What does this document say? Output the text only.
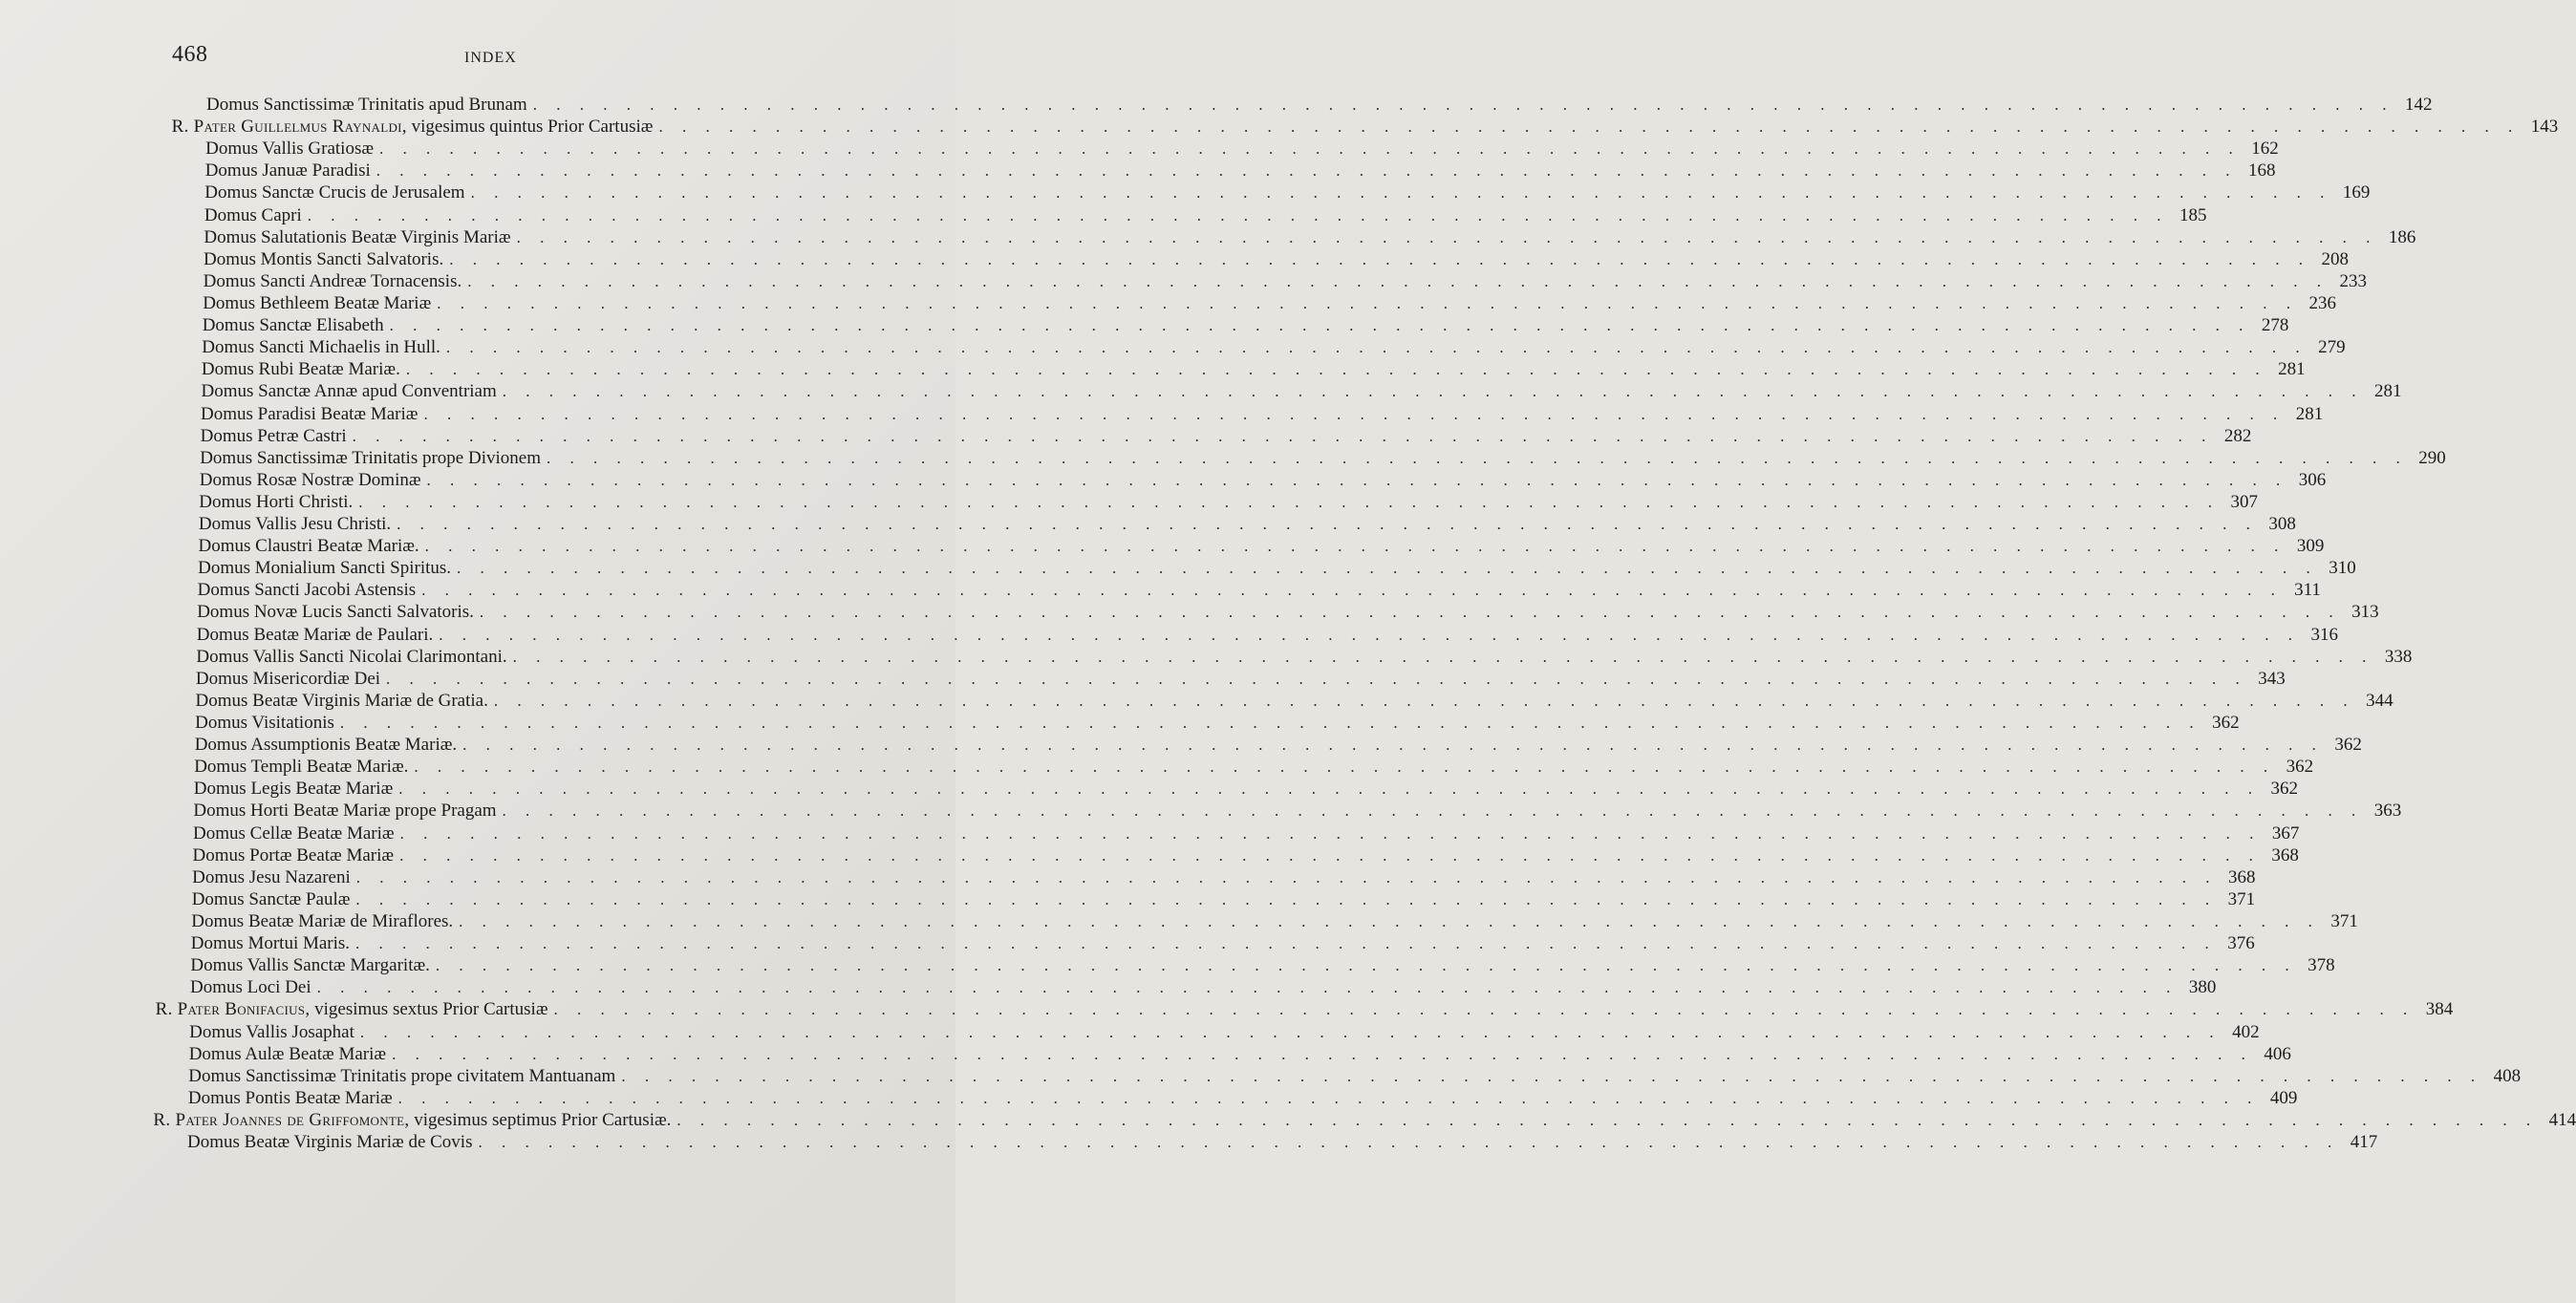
468	INDEX
Domus Sanctissimæ Trinitatis apud Brunam . . . . . . . . . . . . . . . . . . . . . . . . . . . . . . . . . . . . . . . . . . . . . . . . . . . . . . . . . . . . . . . . . . . . . . . . . . . . . . . . 142
R. Pater Guillelmus Raynaldi, vigesimus quintus Prior Cartusiæ . . . . . . . . . . . . . . . . . . . . . . . . . . . . . . . . . . . . . . . . . . . . . . . . . . . . . . . . . . . . . . . . . . . . . . . . . . . . . . . . 143
Domus Vallis Gratiosæ . . . . . . . . . . . . . . . . . . . . . . . . . . . . . . . . . . . . . . . . . . . . . . . . . . . . . . . . . . . . . . . . . . . . . . . . . . . . . . . . 162
Domus Januæ Paradisi . . . . . . . . . . . . . . . . . . . . . . . . . . . . . . . . . . . . . . . . . . . . . . . . . . . . . . . . . . . . . . . . . . . . . . . . . . . . . . . . 168
Domus Sanctæ Crucis de Jerusalem . . . . . . . . . . . . . . . . . . . . . . . . . . . . . . . . . . . . . . . . . . . . . . . . . . . . . . . . . . . . . . . . . . . . . . . . . . . . . . . . 169
Domus Capri . . . . . . . . . . . . . . . . . . . . . . . . . . . . . . . . . . . . . . . . . . . . . . . . . . . . . . . . . . . . . . . . . . . . . . . . . . . . . . . . 185
Domus Salutationis Beatæ Virginis Mariæ . . . . . . . . . . . . . . . . . . . . . . . . . . . . . . . . . . . . . . . . . . . . . . . . . . . . . . . . . . . . . . . . . . . . . . . . . . . . . . . . 186
Domus Montis Sancti Salvatoris. . . . . . . . . . . . . . . . . . . . . . . . . . . . . . . . . . . . . . . . . . . . . . . . . . . . . . . . . . . . . . . . . . . . . . . . . . . . . . . . . 208
Domus Sancti Andreæ Tornacensis. . . . . . . . . . . . . . . . . . . . . . . . . . . . . . . . . . . . . . . . . . . . . . . . . . . . . . . . . . . . . . . . . . . . . . . . . . . . . . . . . 233
Domus Bethleem Beatæ Mariæ . . . . . . . . . . . . . . . . . . . . . . . . . . . . . . . . . . . . . . . . . . . . . . . . . . . . . . . . . . . . . . . . . . . . . . . . . . . . . . . . 236
Domus Sanctæ Elisabeth . . . . . . . . . . . . . . . . . . . . . . . . . . . . . . . . . . . . . . . . . . . . . . . . . . . . . . . . . . . . . . . . . . . . . . . . . . . . . . . . 278
Domus Sancti Michaelis in Hull. . . . . . . . . . . . . . . . . . . . . . . . . . . . . . . . . . . . . . . . . . . . . . . . . . . . . . . . . . . . . . . . . . . . . . . . . . . . . . . . . 279
Domus Rubi Beatæ Mariæ. . . . . . . . . . . . . . . . . . . . . . . . . . . . . . . . . . . . . . . . . . . . . . . . . . . . . . . . . . . . . . . . . . . . . . . . . . . . . . . . . 281
Domus Sanctæ Annæ apud Conventriam . . . . . . . . . . . . . . . . . . . . . . . . . . . . . . . . . . . . . . . . . . . . . . . . . . . . . . . . . . . . . . . . . . . . . . . . . . . . . . . . 281
Domus Paradisi Beatæ Mariæ . . . . . . . . . . . . . . . . . . . . . . . . . . . . . . . . . . . . . . . . . . . . . . . . . . . . . . . . . . . . . . . . . . . . . . . . . . . . . . . . 281
Domus Petræ Castri . . . . . . . . . . . . . . . . . . . . . . . . . . . . . . . . . . . . . . . . . . . . . . . . . . . . . . . . . . . . . . . . . . . . . . . . . . . . . . . . 282
Domus Sanctissimæ Trinitatis prope Divionem . . . . . . . . . . . . . . . . . . . . . . . . . . . . . . . . . . . . . . . . . . . . . . . . . . . . . . . . . . . . . . . . . . . . . . . . . . . . . . . . 290
Domus Rosæ Nostræ Dominæ . . . . . . . . . . . . . . . . . . . . . . . . . . . . . . . . . . . . . . . . . . . . . . . . . . . . . . . . . . . . . . . . . . . . . . . . . . . . . . . . 306
Domus Horti Christi. . . . . . . . . . . . . . . . . . . . . . . . . . . . . . . . . . . . . . . . . . . . . . . . . . . . . . . . . . . . . . . . . . . . . . . . . . . . . . . . . 307
Domus Vallis Jesu Christi. . . . . . . . . . . . . . . . . . . . . . . . . . . . . . . . . . . . . . . . . . . . . . . . . . . . . . . . . . . . . . . . . . . . . . . . . . . . . . . . . 308
Domus Claustri Beatæ Mariæ. . . . . . . . . . . . . . . . . . . . . . . . . . . . . . . . . . . . . . . . . . . . . . . . . . . . . . . . . . . . . . . . . . . . . . . . . . . . . . . . . 309
Domus Monialium Sancti Spiritus. . . . . . . . . . . . . . . . . . . . . . . . . . . . . . . . . . . . . . . . . . . . . . . . . . . . . . . . . . . . . . . . . . . . . . . . . . . . . . . . . 310
Domus Sancti Jacobi Astensis . . . . . . . . . . . . . . . . . . . . . . . . . . . . . . . . . . . . . . . . . . . . . . . . . . . . . . . . . . . . . . . . . . . . . . . . . . . . . . . . 311
Domus Novæ Lucis Sancti Salvatoris. . . . . . . . . . . . . . . . . . . . . . . . . . . . . . . . . . . . . . . . . . . . . . . . . . . . . . . . . . . . . . . . . . . . . . . . . . . . . . . . . 313
Domus Beatæ Mariæ de Paulari. . . . . . . . . . . . . . . . . . . . . . . . . . . . . . . . . . . . . . . . . . . . . . . . . . . . . . . . . . . . . . . . . . . . . . . . . . . . . . . . . 316
Domus Vallis Sancti Nicolai Clarimontani. . . . . . . . . . . . . . . . . . . . . . . . . . . . . . . . . . . . . . . . . . . . . . . . . . . . . . . . . . . . . . . . . . . . . . . . . . . . . . . . . 338
Domus Misericordiæ Dei . . . . . . . . . . . . . . . . . . . . . . . . . . . . . . . . . . . . . . . . . . . . . . . . . . . . . . . . . . . . . . . . . . . . . . . . . . . . . . . . 343
Domus Beatæ Virginis Mariæ de Gratia. . . . . . . . . . . . . . . . . . . . . . . . . . . . . . . . . . . . . . . . . . . . . . . . . . . . . . . . . . . . . . . . . . . . . . . . . . . . . . . . . 344
Domus Visitationis . . . . . . . . . . . . . . . . . . . . . . . . . . . . . . . . . . . . . . . . . . . . . . . . . . . . . . . . . . . . . . . . . . . . . . . . . . . . . . . . 362
Domus Assumptionis Beatæ Mariæ. . . . . . . . . . . . . . . . . . . . . . . . . . . . . . . . . . . . . . . . . . . . . . . . . . . . . . . . . . . . . . . . . . . . . . . . . . . . . . . . . 362
Domus Templi Beatæ Mariæ. . . . . . . . . . . . . . . . . . . . . . . . . . . . . . . . . . . . . . . . . . . . . . . . . . . . . . . . . . . . . . . . . . . . . . . . . . . . . . . . . 362
Domus Legis Beatæ Mariæ . . . . . . . . . . . . . . . . . . . . . . . . . . . . . . . . . . . . . . . . . . . . . . . . . . . . . . . . . . . . . . . . . . . . . . . . . . . . . . . . 362
Domus Horti Beatæ Mariæ prope Pragam . . . . . . . . . . . . . . . . . . . . . . . . . . . . . . . . . . . . . . . . . . . . . . . . . . . . . . . . . . . . . . . . . . . . . . . . . . . . . . . . 363
Domus Cellæ Beatæ Mariæ . . . . . . . . . . . . . . . . . . . . . . . . . . . . . . . . . . . . . . . . . . . . . . . . . . . . . . . . . . . . . . . . . . . . . . . . . . . . . . . . 367
Domus Portæ Beatæ Mariæ . . . . . . . . . . . . . . . . . . . . . . . . . . . . . . . . . . . . . . . . . . . . . . . . . . . . . . . . . . . . . . . . . . . . . . . . . . . . . . . . 368
Domus Jesu Nazareni . . . . . . . . . . . . . . . . . . . . . . . . . . . . . . . . . . . . . . . . . . . . . . . . . . . . . . . . . . . . . . . . . . . . . . . . . . . . . . . . 368
Domus Sanctæ Paulæ . . . . . . . . . . . . . . . . . . . . . . . . . . . . . . . . . . . . . . . . . . . . . . . . . . . . . . . . . . . . . . . . . . . . . . . . . . . . . . . . 371
Domus Beatæ Mariæ de Miraflores. . . . . . . . . . . . . . . . . . . . . . . . . . . . . . . . . . . . . . . . . . . . . . . . . . . . . . . . . . . . . . . . . . . . . . . . . . . . . . . . . 371
Domus Mortui Maris. . . . . . . . . . . . . . . . . . . . . . . . . . . . . . . . . . . . . . . . . . . . . . . . . . . . . . . . . . . . . . . . . . . . . . . . . . . . . . . . . 376
Domus Vallis Sanctæ Margaritæ. . . . . . . . . . . . . . . . . . . . . . . . . . . . . . . . . . . . . . . . . . . . . . . . . . . . . . . . . . . . . . . . . . . . . . . . . . . . . . . . . 378
Domus Loci Dei . . . . . . . . . . . . . . . . . . . . . . . . . . . . . . . . . . . . . . . . . . . . . . . . . . . . . . . . . . . . . . . . . . . . . . . . . . . . . . . . 380
R. Pater Bonifacius, vigesimus sextus Prior Cartusiæ . . . . . . . . . . . . . . . . . . . . . . . . . . . . . . . . . . . . . . . . . . . . . . . . . . . . . . . . . . . . . . . . . . . . . . . . . . . . . . . . 384
Domus Vallis Josaphat . . . . . . . . . . . . . . . . . . . . . . . . . . . . . . . . . . . . . . . . . . . . . . . . . . . . . . . . . . . . . . . . . . . . . . . . . . . . . . . . 402
Domus Aulæ Beatæ Mariæ . . . . . . . . . . . . . . . . . . . . . . . . . . . . . . . . . . . . . . . . . . . . . . . . . . . . . . . . . . . . . . . . . . . . . . . . . . . . . . . . 406
Domus Sanctissimæ Trinitatis prope civitatem Mantuanam . . . . . . . . . . . . . . . . . . . . . . . . . . . . . . . . . . . . . . . . . . . . . . . . . . . . . . . . . . . . . . . . . . . . . . . . . . . . . . . . 408
Domus Pontis Beatæ Mariæ . . . . . . . . . . . . . . . . . . . . . . . . . . . . . . . . . . . . . . . . . . . . . . . . . . . . . . . . . . . . . . . . . . . . . . . . . . . . . . . . 409
R. Pater Joannes de Griffomonte, vigesimus septimus Prior Cartusiæ. . . . . . . . . . . . . . . . . . . . . . . . . . . . . . . . . . . . . . . . . . . . . . . . . . . . . . . . . . . . . . . . . . . . . . . . . . . . . . . . . 414
Domus Beatæ Virginis Mariæ de Covis . . . . . . . . . . . . . . . . . . . . . . . . . . . . . . . . . . . . . . . . . . . . . . . . . . . . . . . . . . . . . . . . . . . . . . . . . . . . . . . . 417
